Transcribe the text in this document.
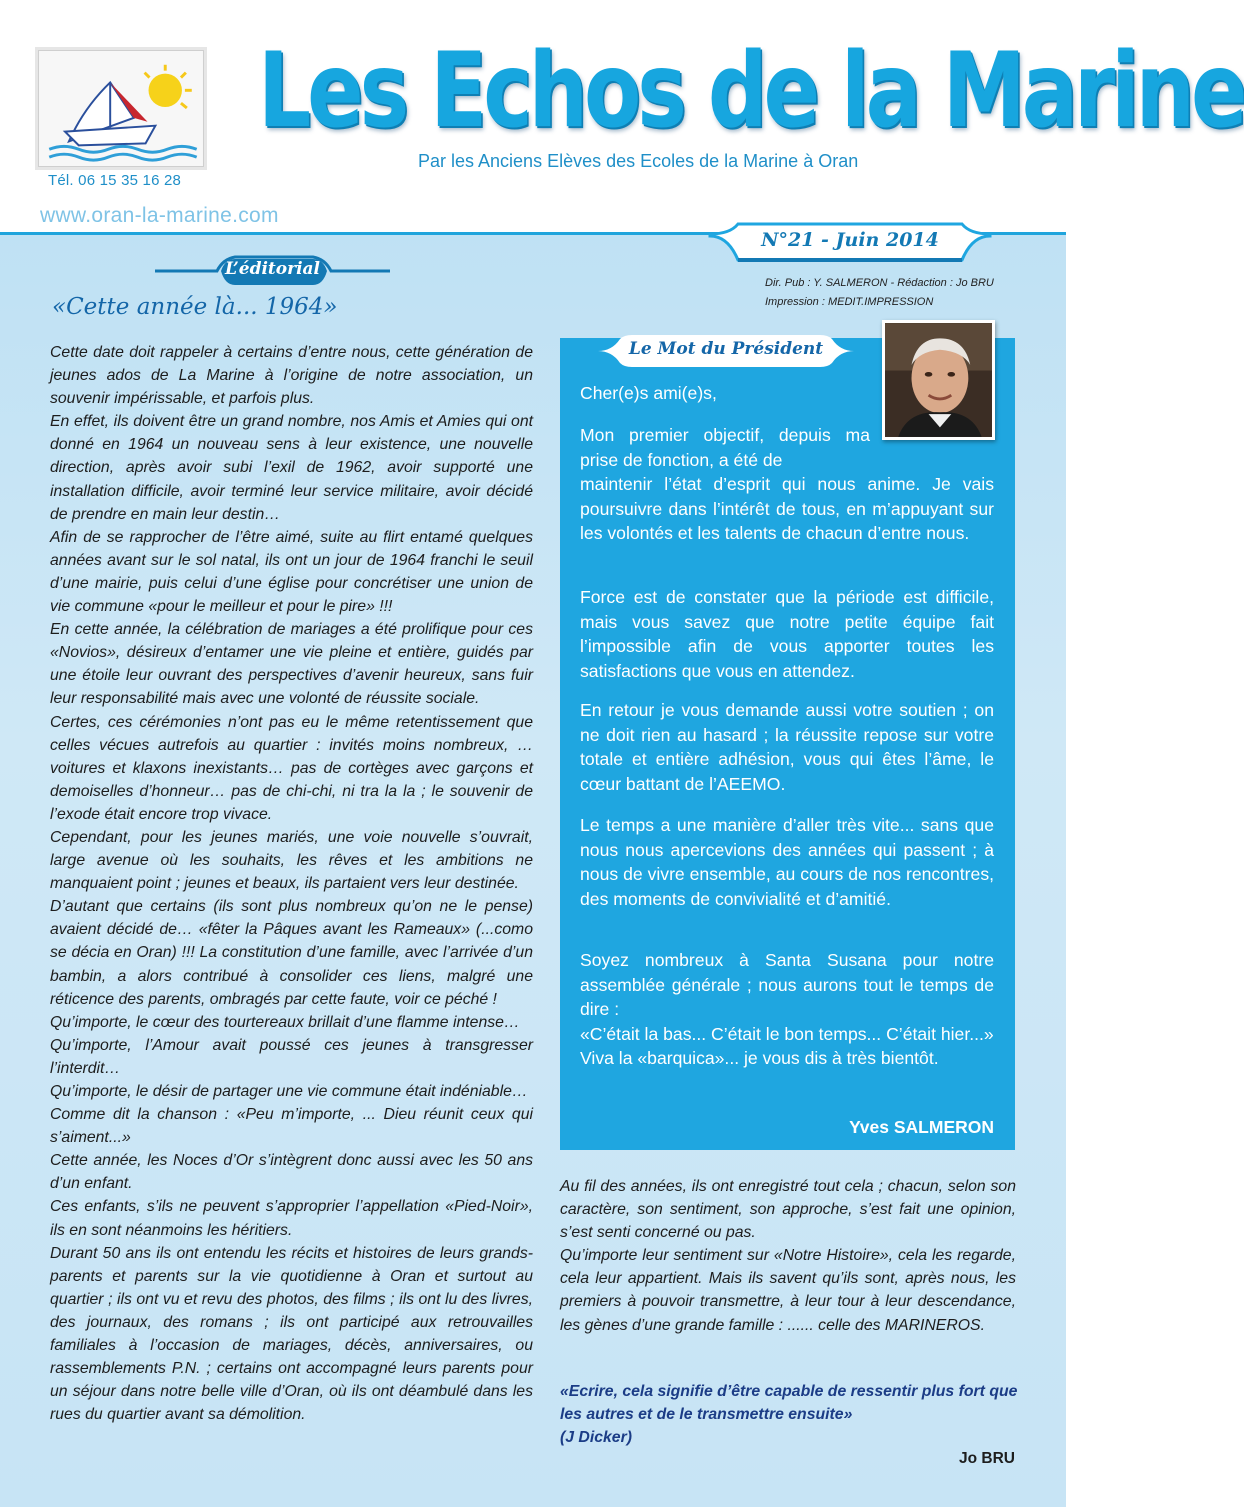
Tél. 06 15 35 16 28
www.oran-la-marine.com
Les Echos de la Marine
Par les Anciens Elèves des Ecoles de la Marine à Oran
N°21 - Juin 2014
Dir. Pub : Y. SALMERON - Rédaction : Jo BRU
Impression : MEDIT.IMPRESSION
L’éditorial
«Cette année là... 1964»

Cette date doit rappeler à certains d’entre nous, cette génération de jeunes ados de La Marine à l’origine de notre association, un souvenir impérissable, et parfois plus.

En effet, ils doivent être un grand nombre, nos Amis et Amies qui ont donné en 1964 un nouveau sens à leur existence, une nouvelle direction, après avoir subi l’exil de 1962, avoir supporté une installation difficile, avoir terminé leur service militaire, avoir décidé de prendre en main leur destin…

Afin de se rapprocher de l’être aimé, suite au flirt entamé quelques années avant sur le sol natal, ils ont un jour de 1964 franchi le seuil d’une mairie, puis celui d’une église pour concrétiser une union de vie commune «pour le meilleur et pour le pire» !!!

En cette année, la célébration de mariages a été prolifique pour ces «Novios», désireux d’entamer une vie pleine et entière, guidés par une étoile leur ouvrant des perspectives d’avenir heureux, sans fuir leur responsabilité mais avec une volonté de réussite sociale.

Certes, ces cérémonies n’ont pas eu le même retentissement que celles vécues autrefois au quartier : invités moins nombreux, … voitures et klaxons inexistants… pas de cortèges avec garçons et demoiselles d’honneur… pas de chi-chi, ni tra la la ; le souvenir de l’exode était encore trop vivace.

Cependant, pour les jeunes mariés, une voie nouvelle s’ouvrait, large avenue où les souhaits, les rêves et les ambitions ne manquaient point ; jeunes et beaux, ils partaient vers leur destinée.

D’autant que certains (ils sont plus nombreux qu’on ne le pense) avaient décidé de… «fêter la Pâques avant les Rameaux» (...como se décia en Oran) !!! La constitution d’une famille, avec l’arrivée d’un bambin, a alors contribué à consolider ces liens, malgré une réticence des parents, ombragés par cette faute, voir ce péché !

Qu’importe, le cœur des tourtereaux brillait d’une flamme intense…

Qu’importe, l’Amour avait poussé ces jeunes à transgresser l’interdit…

Qu’importe, le désir de partager une vie commune était indéniable…

Comme dit la chanson : «Peu m’importe, ... Dieu réunit ceux qui s’aiment...»

Cette année, les Noces d’Or s’intègrent donc aussi avec les 50 ans d’un enfant.

Ces enfants, s’ils ne peuvent s’approprier l’appellation «Pied-Noir», ils en sont néanmoins les héritiers.

Durant 50 ans ils ont entendu les récits et histoires de leurs grands-parents et parents sur la vie quotidienne à Oran et surtout au quartier ; ils ont vu et revu des photos, des films ; ils ont lu des livres, des journaux, des romans ; ils ont participé aux retrouvailles familiales à l’occasion de mariages, décès, anniversaires, ou rassemblements P.N. ; certains ont accompagné leurs parents pour un séjour dans notre belle ville d’Oran, où ils ont déambulé dans les rues du quartier avant sa démolition.

Le Mot du Président
Cher(e)s ami(e)s,
Mon premier objectif, depuis ma prise de fonction, a été de
maintenir l’état d’esprit qui nous anime. Je vais poursuivre dans l’intérêt de tous, en m’appuyant sur les volontés et les talents de chacun d’entre nous.
Force est de constater que la période est difficile, mais vous savez que notre petite équipe fait l’impossible afin de vous apporter toutes les satisfactions que vous en attendez.
En retour je vous demande aussi votre soutien ; on ne doit rien au hasard ; la réussite repose sur votre totale et entière adhésion, vous qui êtes l’âme, le cœur battant de l’AEEMO.
Le temps a une manière d’aller très vite... sans que nous nous apercevions des années qui passent ; à nous de vivre ensemble, au cours de nos rencontres, des moments de convivialité et d’amitié.
Soyez nombreux à Santa Susana pour notre assemblée générale ; nous aurons tout le temps de dire :
«C’était la bas... C’était le bon temps... C’était hier...»
Viva la «barquica»... je vous dis à très bientôt.
Yves SALMERON

Au fil des années, ils ont enregistré tout cela ; chacun, selon son caractère, son sentiment, son approche, s’est fait une opinion, s’est senti concerné ou pas.

Qu’importe leur sentiment sur «Notre Histoire», cela les regarde, cela leur appartient. Mais ils savent qu’ils sont, après nous, les premiers à pouvoir transmettre, à leur tour à leur descendance, les gènes d’une grande famille : ...... celle des MARINEROS.

«Ecrire, cela signifie d’être capable de ressentir plus fort que les autres et de le transmettre ensuite»
(J Dicker)
Jo BRU
